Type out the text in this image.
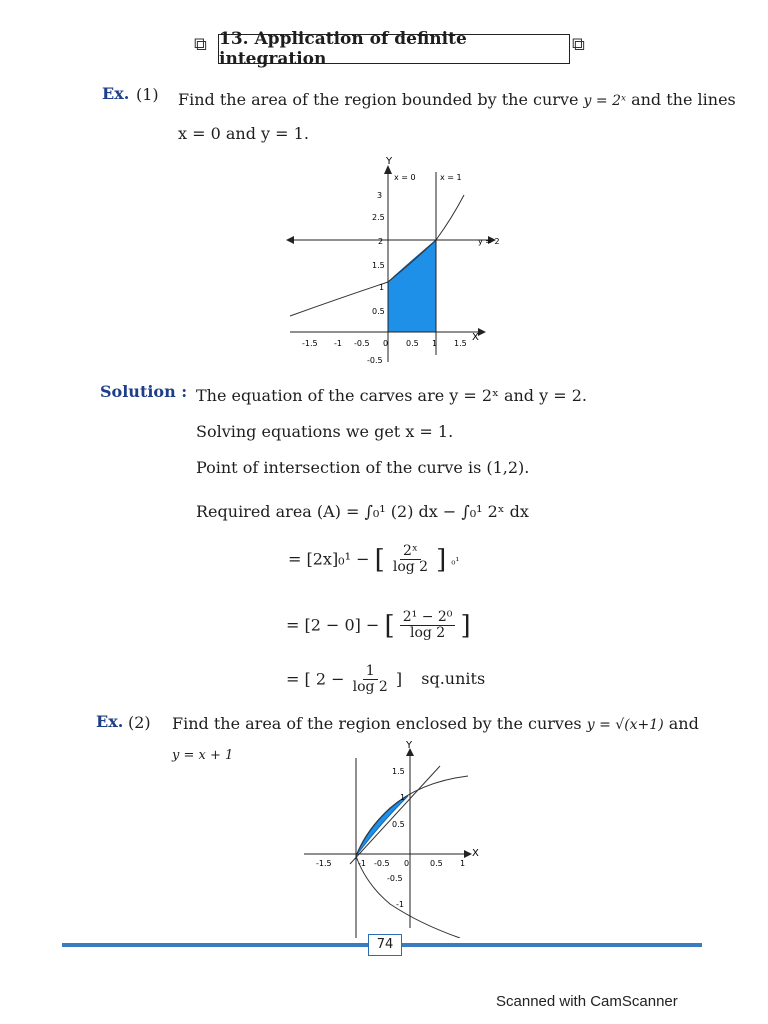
⧉ 13. Application of definite integration
⧉
Ex. (1) Find the area of the region bounded by the curve y = 2ˣ and the lines
x = 0 and y = 1.
Y
X
x = 0	x = 1
y = 2
3
2.5
2
1.5
1
0.5
-0.5
-1.5 -1 -0.5 0 0.5 1 1.5
Solution : The equation of the carves are y = 2ˣ and y = 2.
Solving equations we get x = 1.
Point of intersection of the curve is (1,2).
Required area (A) = ∫₀¹ (2) dx − ∫₀¹ 2ˣ dx
= [2x]₀¹ − [ $\frac{\text{2ˣ}}{\log 2}$ ] ₀¹
= [2 − 0] − [ $\frac{\text{2¹ − 2⁰}}{\log 2}$ ]
= [ $2 - \frac{1}{\log 2}$ ] sq.units
Ex. (2) Find the area of the region enclosed by the curves y = √(x+1) and
y = x + 1
Y
X
1.5
1
0.5
-0.5
-1
-1.5	-1 -0.5 0	0.5 1
74
Scanned with CamScanner
